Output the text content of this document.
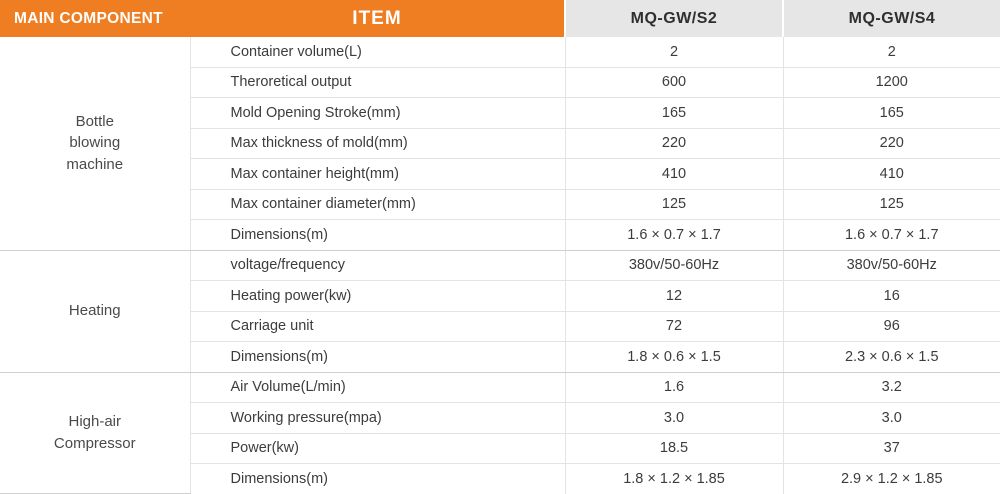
MAIN COMPONENT	ITEM	MQ-GW/S2	MQ-GW/S4
Bottle
blowing
machine	Container volume(L)	2	2
	Theroretical output	600	1200
	Mold Opening Stroke(mm)	165	165
	Max thickness of mold(mm)	220	220
	Max container height(mm)	410	410
	Max container diameter(mm)	125	125
	Dimensions(m)	1.6 × 0.7 × 1.7	1.6 × 0.7 × 1.7
Heating	voltage/frequency	380v/50-60Hz	380v/50-60Hz
	Heating power(kw)	12	16
	Carriage unit	72	96
	Dimensions(m)	1.8 × 0.6 × 1.5	2.3 × 0.6 × 1.5
High-air
Compressor	Air Volume(L/min)	1.6	3.2
	Working pressure(mpa)	3.0	3.0
	Power(kw)	18.5	37
	Dimensions(m)	1.8 × 1.2 × 1.85	2.9 × 1.2 × 1.85
